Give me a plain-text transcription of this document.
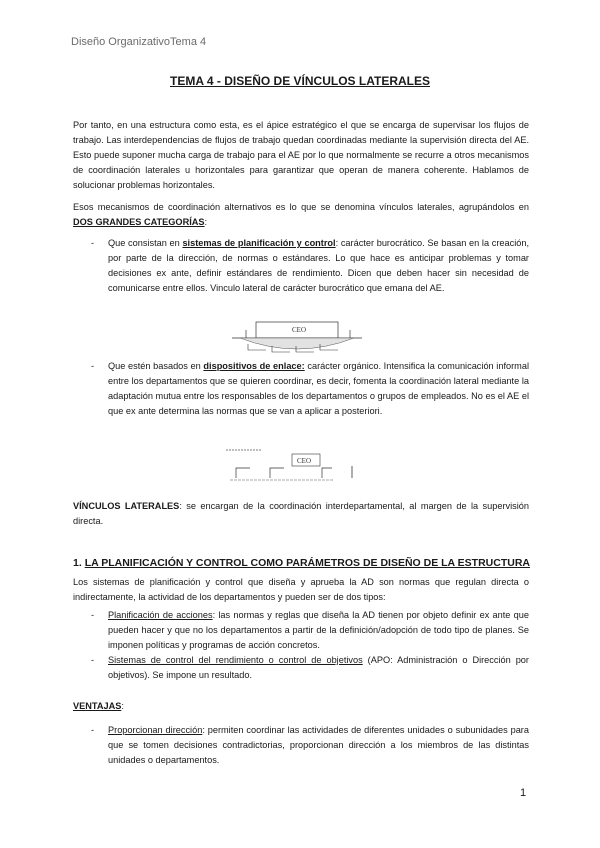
Diseño OrganizativoTema 4
TEMA 4 - DISEÑO DE VÍNCULOS LATERALES

Por tanto, en una estructura como esta, es el ápice estratégico el que se encarga de supervisar los flujos de trabajo. Las interdependencias de flujos de trabajo quedan coordinadas mediante la supervisión directa del AE. Esto puede suponer mucha carga de trabajo para el AE por lo que normalmente se recurre a otros mecanismos de coordinación laterales u horizontales para garantizar que operan de manera coherente. Hablamos de solucionar problemas horizontales.

Esos mecanismos de coordinación alternativos es lo que se denomina vínculos laterales, agrupándolos en DOS GRANDES CATEGORÍAS:

- Que consistan en sistemas de planificación y control: carácter burocrático. Se basan en la creación, por parte de la dirección, de normas o estándares. Lo que hace es anticipar problemas y tomar decisiones ex ante, definir estándares de rendimiento. Dicen que deben hacer sin necesidad de comunicarse entre ellos. Vinculo lateral de carácter burocrático que emana del AE.
CEO
- Que estén basados en dispositivos de enlace: carácter orgánico. Intensifica la comunicación informal entre los departamentos que se quieren coordinar, es decir, fomenta la coordinación lateral mediante la adaptación mutua entre los responsables de los departamentos o grupos de empleados. No es el AE el que ex ante determina las normas que se van a aplicar a posteriori.
CEO

VÍNCULOS LATERALES: se encargan de la coordinación interdepartamental, al margen de la supervisión directa.

1. LA PLANIFICACIÓN Y CONTROL COMO PARÁMETROS DE DISEÑO DE LA ESTRUCTURA

Los sistemas de planificación y control que diseña y aprueba la AD son normas que regulan directa o indirectamente, la actividad de los departamentos y pueden ser de dos tipos:

- Planificación de acciones: las normas y reglas que diseña la AD tienen por objeto definir ex ante que pueden hacer y que no los departamentos a partir de la definición/adopción de todo tipo de planes. Se imponen políticas y programas de acción concretos.
- Sistemas de control del rendimiento o control de objetivos (APO: Administración o Dirección por objetivos). Se impone un resultado.

VENTAJAS:

- Proporcionan dirección: permiten coordinar las actividades de diferentes unidades o subunidades para que se tomen decisiones contradictorias, proporcionan dirección a los miembros de las distintas unidades o departamentos.
1
